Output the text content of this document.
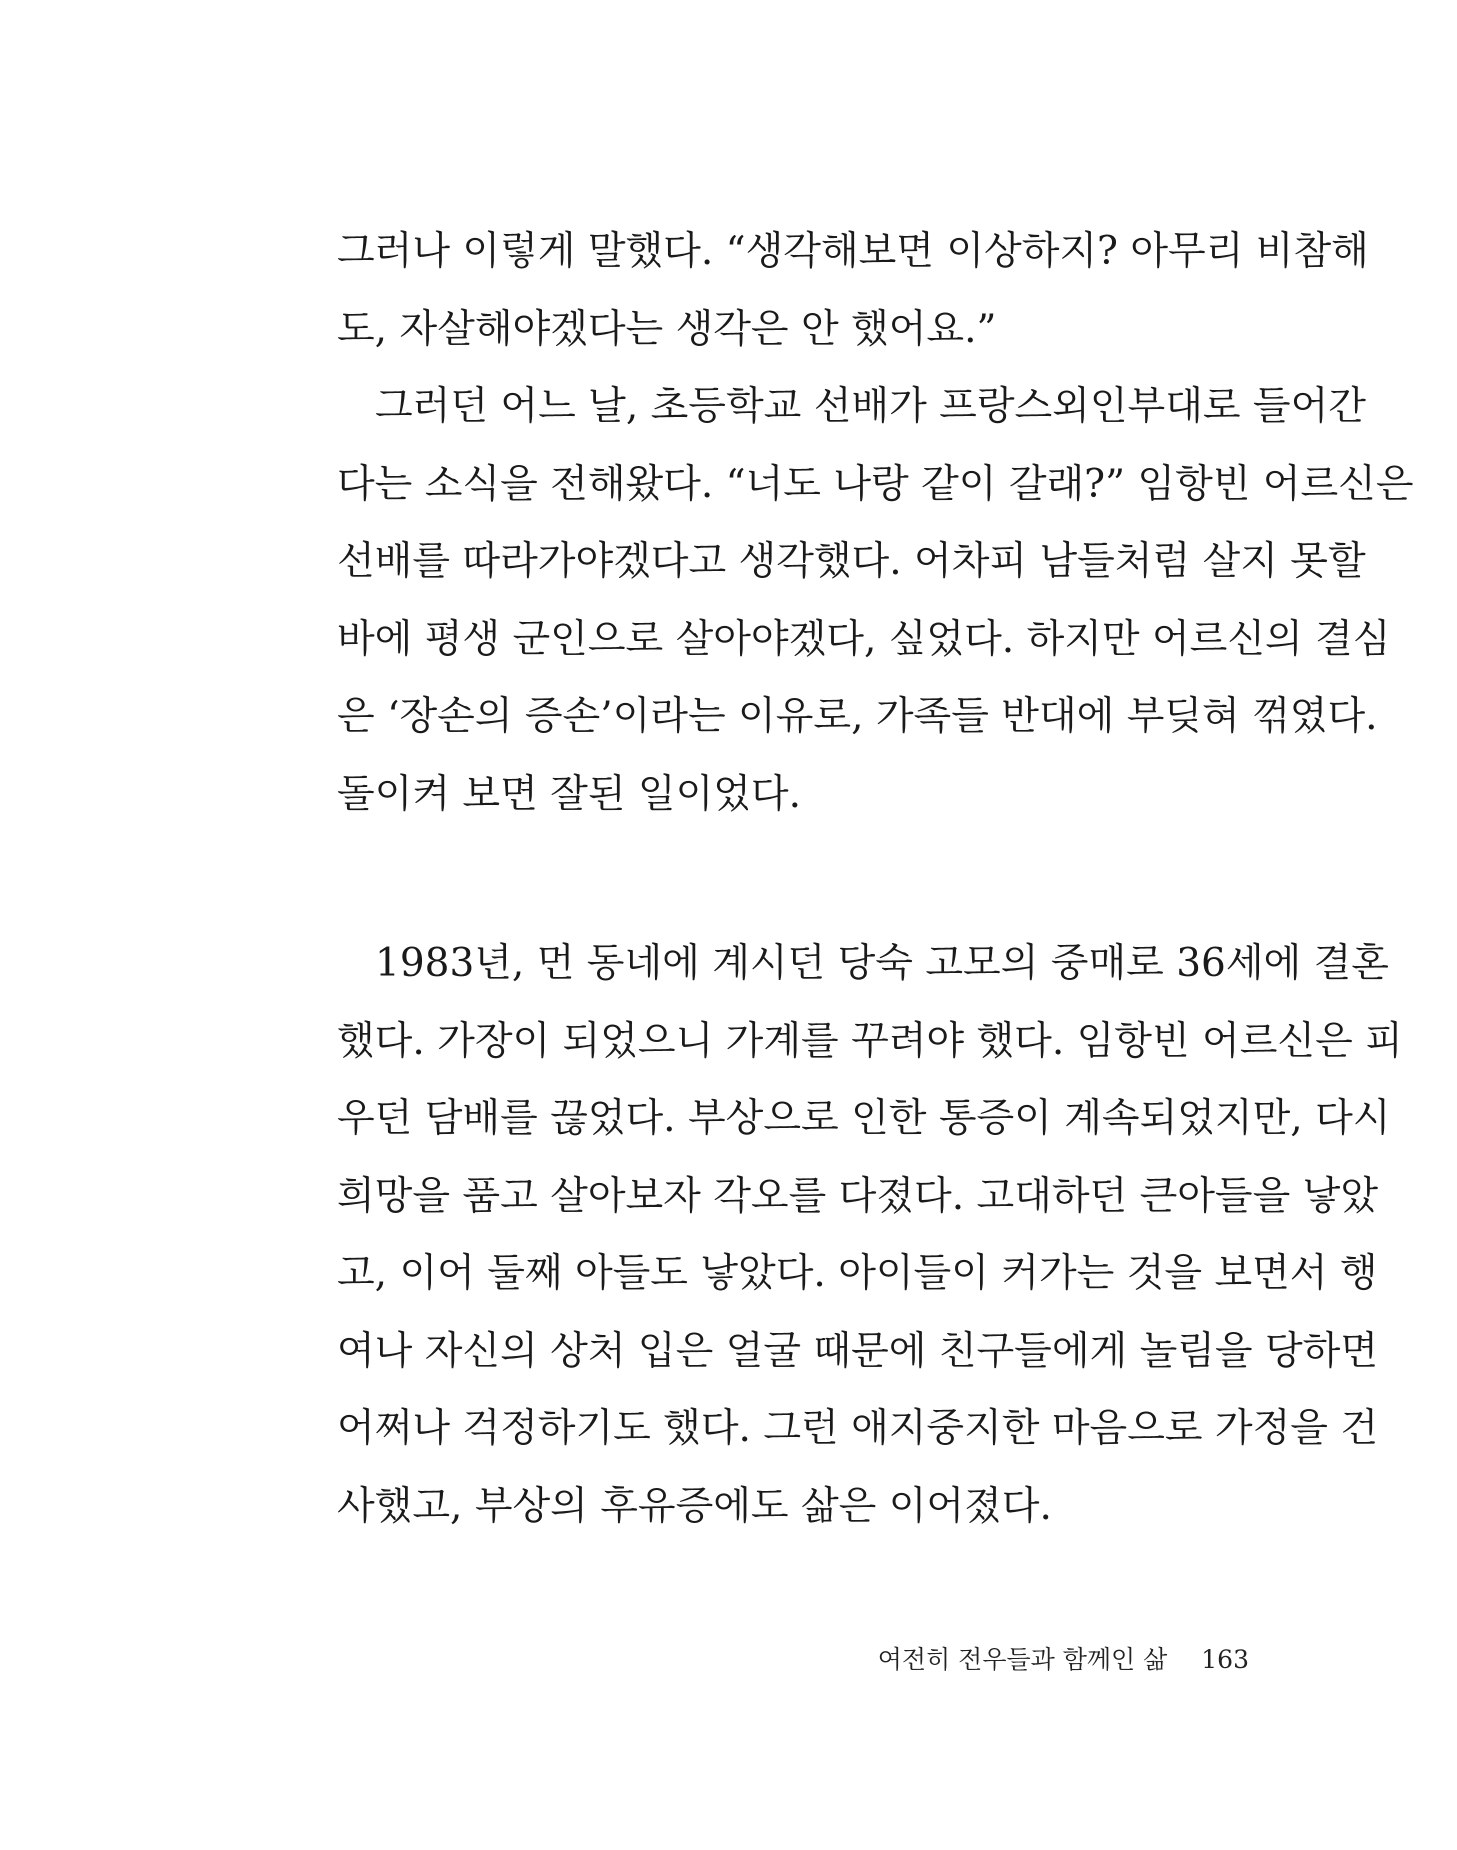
그러나 이렇게 말했다. “생각해보면 이상하지? 아무리 비참해
도, 자살해야겠다는 생각은 안 했어요.”
그러던 어느 날, 초등학교 선배가 프랑스외인부대로 들어간
다는 소식을 전해왔다. “너도 나랑 같이 갈래?” 임항빈 어르신은
선배를 따라가야겠다고 생각했다. 어차피 남들처럼 살지 못할
바에 평생 군인으로 살아야겠다, 싶었다. 하지만 어르신의 결심
은 ‘장손의 증손’이라는 이유로, 가족들 반대에 부딪혀 꺾였다.
돌이켜 보면 잘된 일이었다.
1983년, 먼 동네에 계시던 당숙 고모의 중매로 36세에 결혼
했다. 가장이 되었으니 가계를 꾸려야 했다. 임항빈 어르신은 피
우던 담배를 끊었다. 부상으로 인한 통증이 계속되었지만, 다시
희망을 품고 살아보자 각오를 다졌다. 고대하던 큰아들을 낳았
고, 이어 둘째 아들도 낳았다. 아이들이 커가는 것을 보면서 행
여나 자신의 상처 입은 얼굴 때문에 친구들에게 놀림을 당하면
어쩌나 걱정하기도 했다. 그런 애지중지한 마음으로 가정을 건
사했고, 부상의 후유증에도 삶은 이어졌다.
여전히 전우들과 함께인 삶 163
